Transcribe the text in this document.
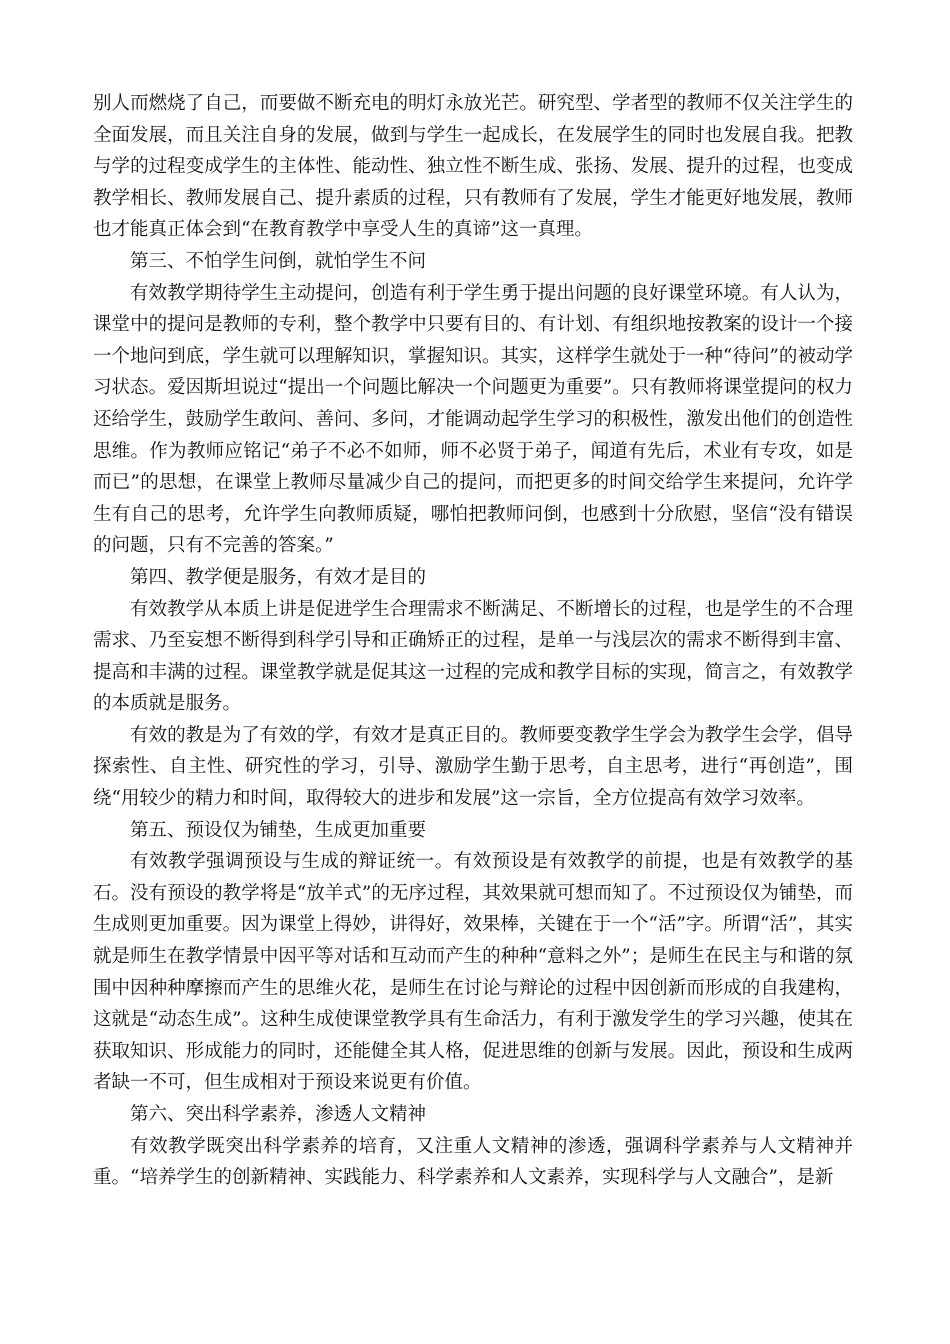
别人而燃烧了自己，而要做不断充电的明灯永放光芒。研究型、学者型的教师不仅关注学生的全面发展，而且关注自身的发展，做到与学生一起成长，在发展学生的同时也发展自我。把教与学的过程变成学生的主体性、能动性、独立性不断生成、张扬、发展、提升的过程，也变成教学相长、教师发展自己、提升素质的过程，只有教师有了发展，学生才能更好地发展，教师也才能真正体会到“在教育教学中享受人生的真谛”这一真理。

第三、不怕学生问倒，就怕学生不问

有效教学期待学生主动提问，创造有利于学生勇于提出问题的良好课堂环境。有人认为，课堂中的提问是教师的专利，整个教学中只要有目的、有计划、有组织地按教案的设计一个接一个地问到底，学生就可以理解知识，掌握知识。其实，这样学生就处于一种“待问”的被动学习状态。爱因斯坦说过“提出一个问题比解决一个问题更为重要”。只有教师将课堂提问的权力还给学生，鼓励学生敢问、善问、多问，才能调动起学生学习的积极性，激发出他们的创造性思维。作为教师应铭记“弟子不必不如师，师不必贤于弟子，闻道有先后，术业有专攻，如是而已”的思想，在课堂上教师尽量减少自己的提问，而把更多的时间交给学生来提问，允许学生有自己的思考，允许学生向教师质疑，哪怕把教师问倒，也感到十分欣慰，坚信“没有错误的问题，只有不完善的答案。”

第四、教学便是服务，有效才是目的

有效教学从本质上讲是促进学生合理需求不断满足、不断增长的过程，也是学生的不合理需求、乃至妄想不断得到科学引导和正确矫正的过程，是单一与浅层次的需求不断得到丰富、提高和丰满的过程。课堂教学就是促其这一过程的完成和教学目标的实现，简言之，有效教学的本质就是服务。

有效的教是为了有效的学，有效才是真正目的。教师要变教学生学会为教学生会学，倡导探索性、自主性、研究性的学习，引导、激励学生勤于思考，自主思考，进行“再创造”，围绕“用较少的精力和时间，取得较大的进步和发展”这一宗旨，全方位提高有效学习效率。

第五、预设仅为铺垫，生成更加重要

有效教学强调预设与生成的辩证统一。有效预设是有效教学的前提，也是有效教学的基石。没有预设的教学将是“放羊式”的无序过程，其效果就可想而知了。不过预设仅为铺垫，而生成则更加重要。因为课堂上得妙，讲得好，效果棒，关键在于一个“活”字。所谓“活”，其实就是师生在教学情景中因平等对话和互动而产生的种种“意料之外”；是师生在民主与和谐的氛围中因种种摩擦而产生的思维火花，是师生在讨论与辩论的过程中因创新而形成的自我建构，这就是“动态生成”。这种生成使课堂教学具有生命活力，有利于激发学生的学习兴趣，使其在获取知识、形成能力的同时，还能健全其人格，促进思维的创新与发展。因此，预设和生成两者缺一不可，但生成相对于预设来说更有价值。

第六、突出科学素养，渗透人文精神

有效教学既突出科学素养的培育，又注重人文精神的渗透，强调科学素养与人文精神并重。“培养学生的创新精神、实践能力、科学素养和人文素养，实现科学与人文融合”，是新
